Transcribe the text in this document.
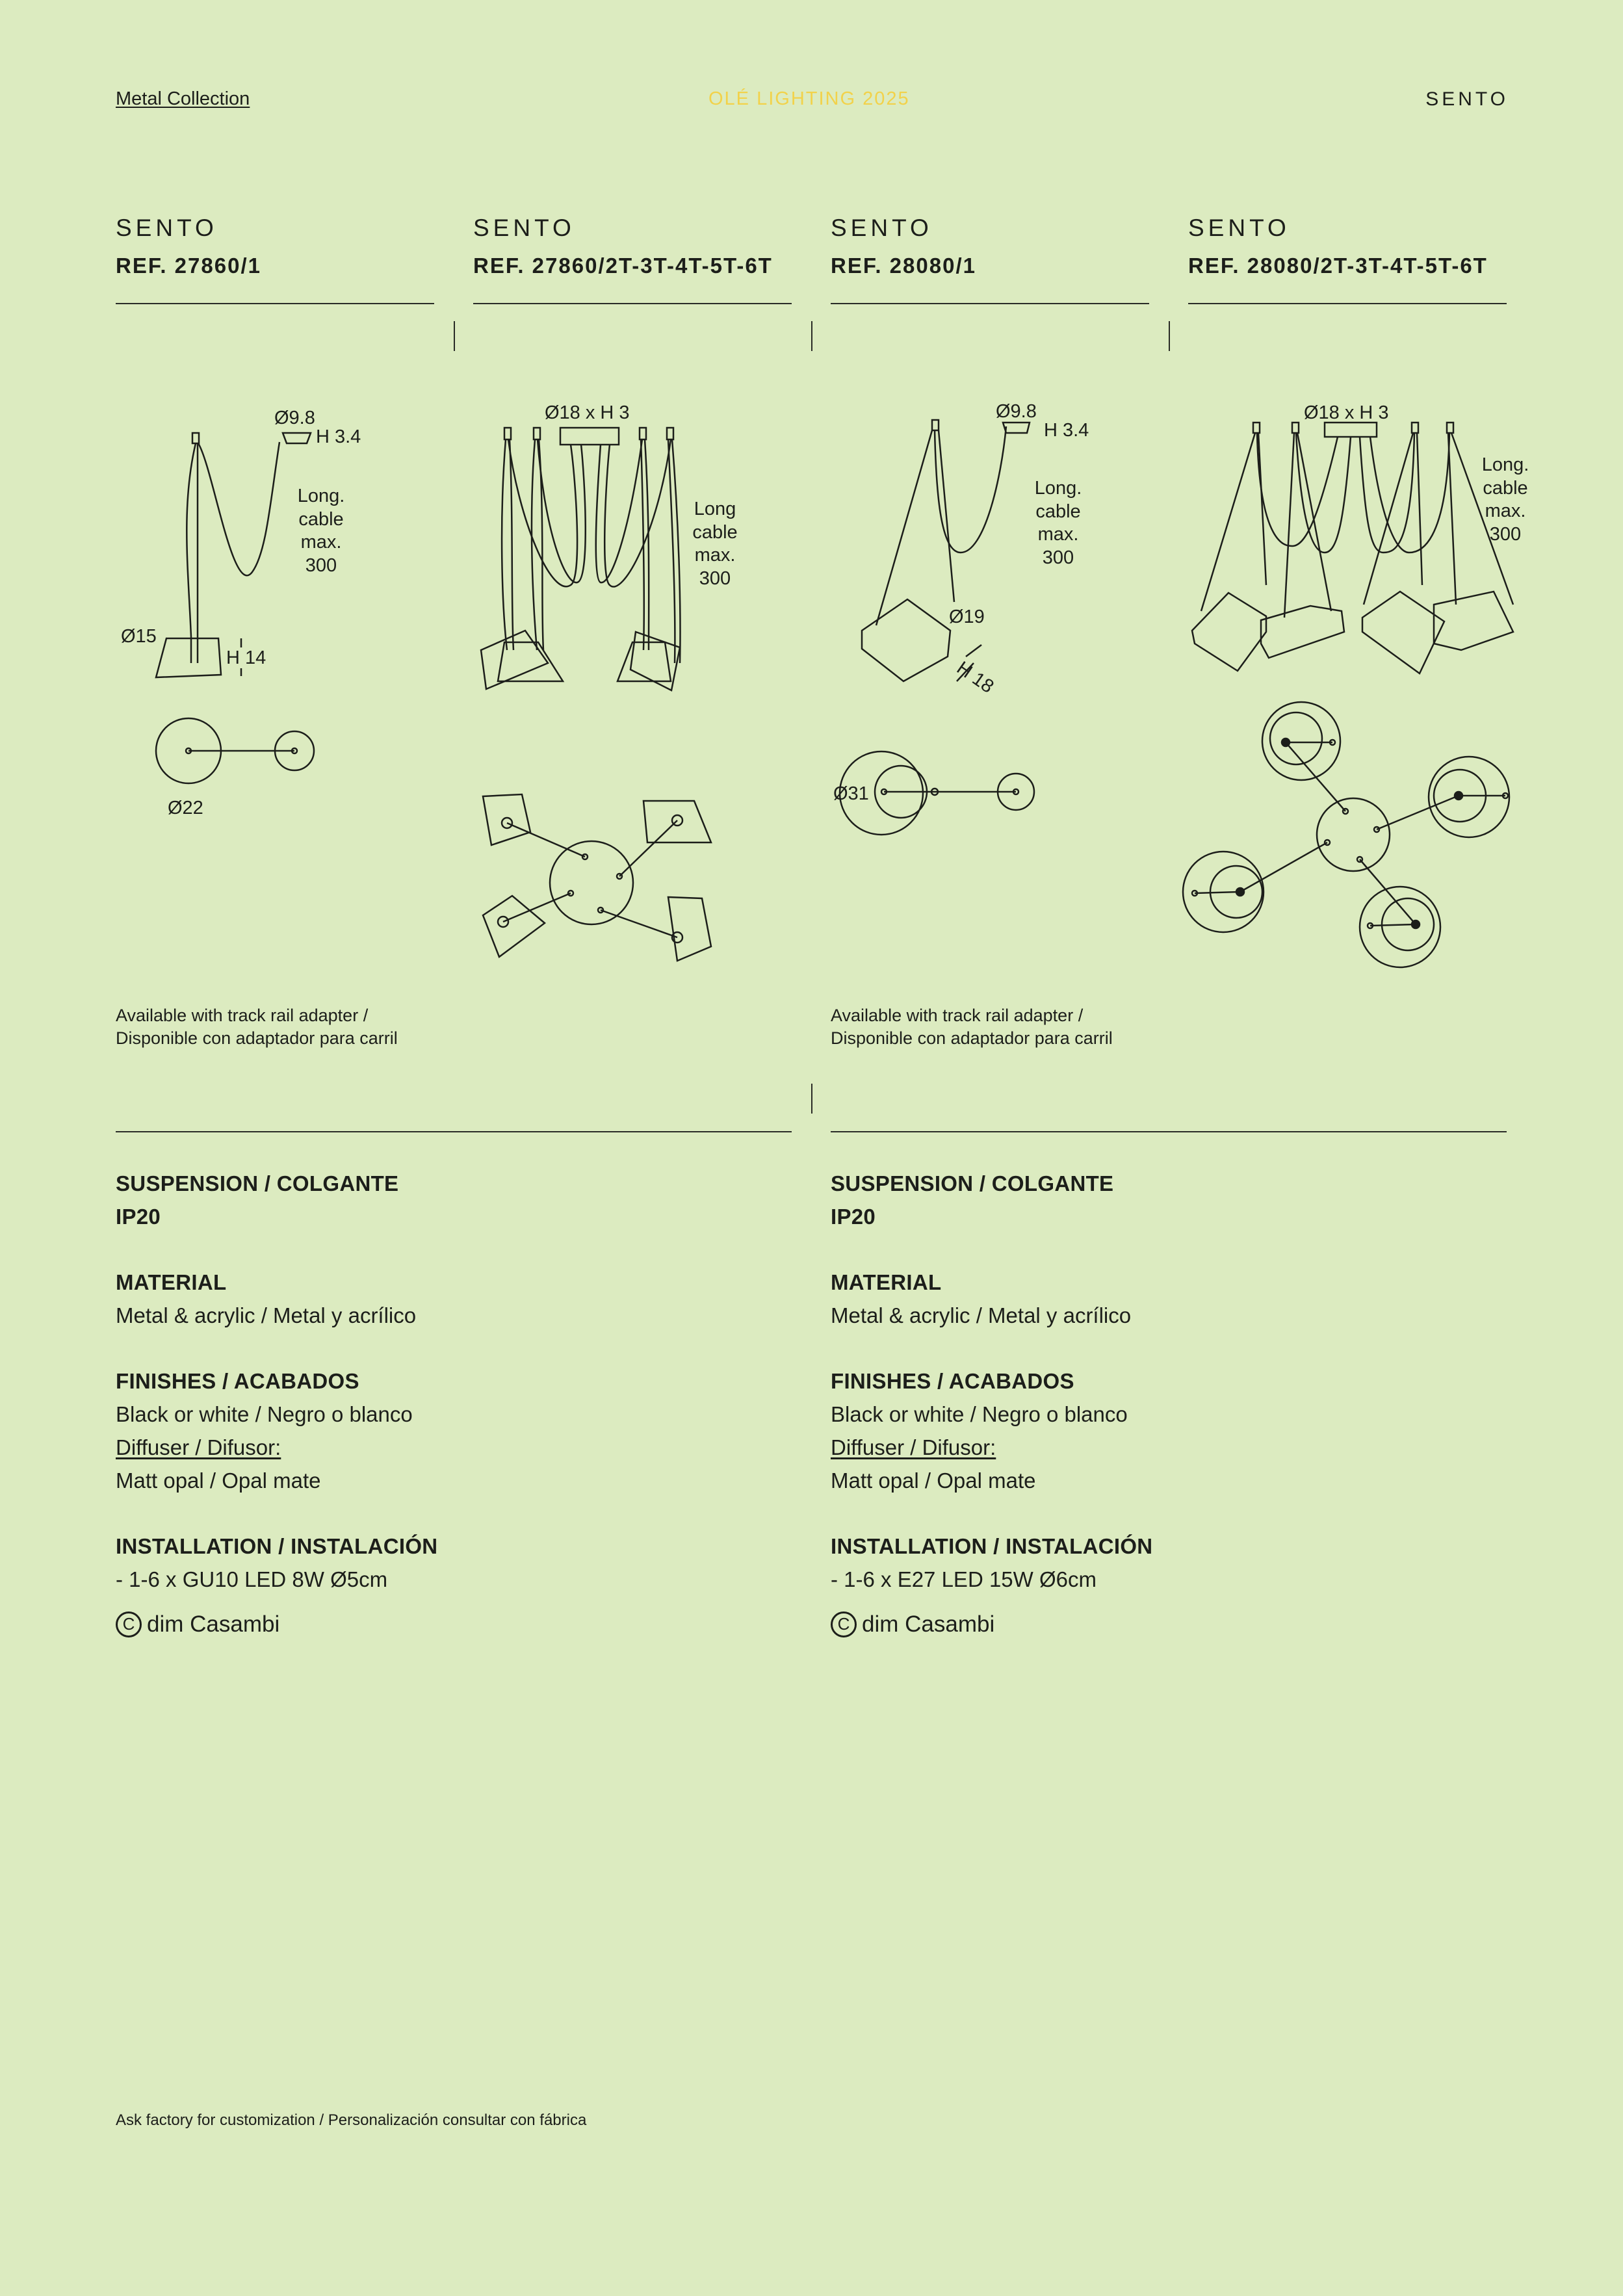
Metal Collection	OLÉ LIGHTING 2025	SENTO
SENTO
REF. 27860/1
SENTO
REF. 27860/2T-3T-4T-5T-6T
SENTO
REF. 28080/1
SENTO
REF. 28080/2T-3T-4T-5T-6T
Ø9.8
H 3.4
Long.
cable
max.
300
Ø15
H 14
Ø22
Ø18 x H 3
Long
cable
max.
300
Ø9.8
H 3.4
Long.
cable
max.
300
Ø19
H 18
Ø31
Ø18 x H 3
Long.
cable
max.
300
Available with track rail adapter /
Disponible con adaptador para carril
Available with track rail adapter /
Disponible con adaptador para carril
SUSPENSION / COLGANTE
IP20
MATERIAL
Metal & acrylic / Metal y acrílico
FINISHES / ACABADOS
Black or white / Negro o blanco
Diffuser / Difusor:
Matt opal / Opal mate
INSTALLATION / INSTALACIÓN
- 1-6 x GU10 LED 8W Ø5cm
C dim Casambi
SUSPENSION / COLGANTE
IP20
MATERIAL
Metal & acrylic / Metal y acrílico
FINISHES / ACABADOS
Black or white / Negro o blanco
Diffuser / Difusor:
Matt opal / Opal mate
INSTALLATION / INSTALACIÓN
- 1-6 x E27 LED 15W Ø6cm
C dim Casambi
Ask factory for customization / Personalización consultar con fábrica
